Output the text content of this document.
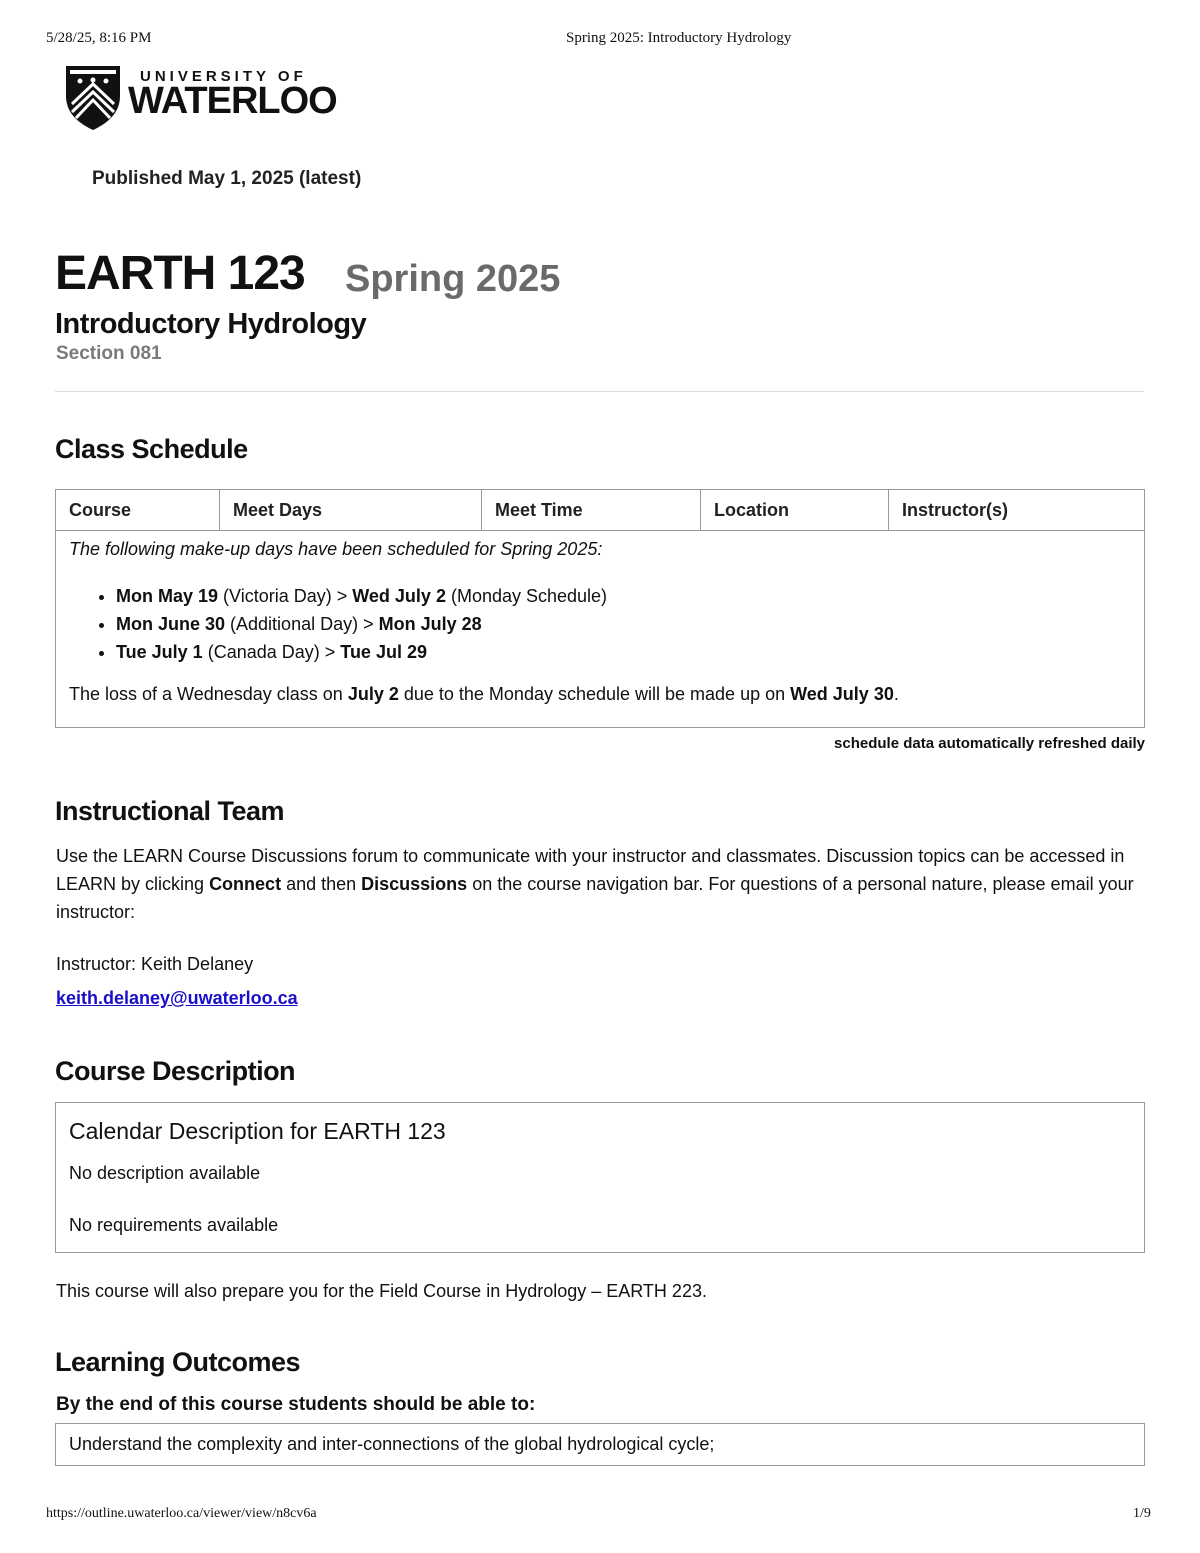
5/28/25, 8:16 PM	Spring 2025: Introductory Hydrology
UNIVERSITY OF
WATERLOO
Published May 1, 2025 (latest)
EARTH 123 Spring 2025
Introductory Hydrology
Section 081
Class Schedule
Course	Meet Days	Meet Time	Location	Instructor(s)

The following make-up days have been scheduled for Spring 2025:

• Mon May 19 (Victoria Day) > Wed July 2 (Monday Schedule)
• Mon June 30 (Additional Day) > Mon July 28
• Tue July 1 (Canada Day) > Tue Jul 29

The loss of a Wednesday class on July 2 due to the Monday schedule will be made up on Wed July 30.

schedule data automatically refreshed daily
Instructional Team

Use the LEARN Course Discussions forum to communicate with your instructor and classmates. Discussion topics can be accessed in LEARN by clicking Connect and then Discussions on the course navigation bar. For questions of a personal nature, please email your instructor:

Instructor: Keith Delaney

keith.delaney@uwaterloo.ca
Course Description
Calendar Description for EARTH 123
No description available
No requirements available

This course will also prepare you for the Field Course in Hydrology – EARTH 223.

Learning Outcomes
By the end of this course students should be able to:
Understand the complexity and inter-connections of the global hydrological cycle;
https://outline.uwaterloo.ca/viewer/view/n8cv6a	1/9
